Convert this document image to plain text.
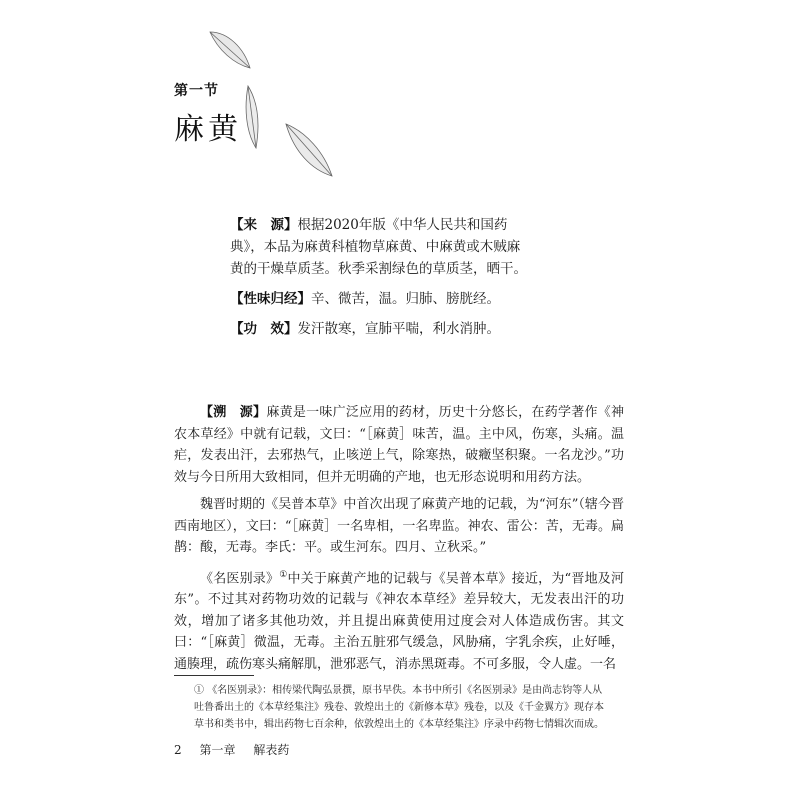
第一节
麻黄
【来　源】根据2020年版《中华人民共和国药典》，本品为麻黄科植物草麻黄、中麻黄或木贼麻黄的干燥草质茎。秋季采割绿色的草质茎，晒干。
【性味归经】辛、微苦，温。归肺、膀胱经。
【功　效】发汗散寒，宣肺平喘，利水消肿。

【溯　源】麻黄是一味广泛应用的药材，历史十分悠长，在药学著作《神农本草经》中就有记载，文曰：“［麻黄］味苦，温。主中风，伤寒，头痛。温疟，发表出汗，去邪热气，止咳逆上气，除寒热，破癥坚积聚。一名龙沙。”功效与今日所用大致相同，但并无明确的产地，也无形态说明和用药方法。

魏晋时期的《吴普本草》中首次出现了麻黄产地的记载，为“河东”（辖今晋西南地区），文曰：“［麻黄］一名卑相，一名卑监。神农、雷公：苦，无毒。扁鹊：酸，无毒。李氏：平。或生河东。四月、立秋采。”

《名医别录》①中关于麻黄产地的记载与《吴普本草》接近，为“晋地及河东”。不过其对药物功效的记载与《神农本草经》差异较大，无发表出汗的功效，增加了诸多其他功效，并且提出麻黄使用过度会对人体造成伤害。其文曰：“［麻黄］微温，无毒。主治五脏邪气缓急，风胁痛，字乳余疾，止好唾，通腠理，疏伤寒头痛解肌，泄邪恶气，消赤黑斑毒。不可多服，令人虚。一名

① 《名医别录》：相传梁代陶弘景撰，原书早佚。本书中所引《名医别录》是由尚志钧等人从吐鲁番出土的《本草经集注》残卷、敦煌出土的《新修本草》残卷，以及《千金翼方》现存本草书和类书中，辑出药物七百余种，依敦煌出土的《本草经集注》序录中药物七情辑次而成。
2 第一章 解表药
